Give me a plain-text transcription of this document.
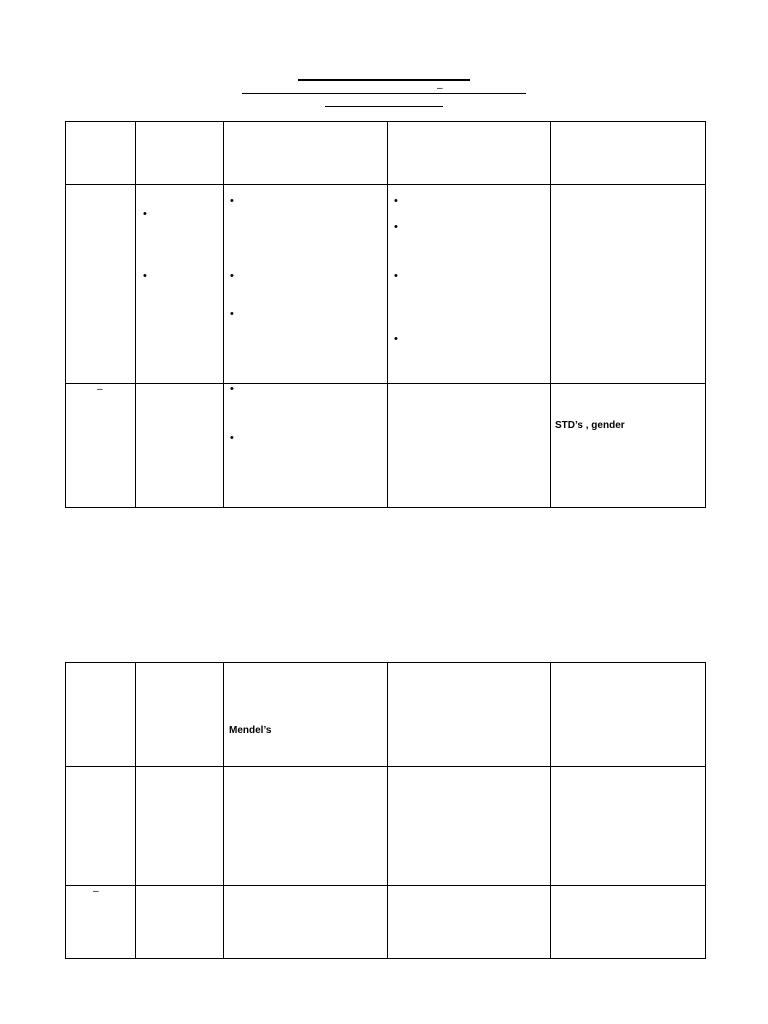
–
•
•
•
•
•
•
•
•
•
–	•
•
STD’s , gender
Mendel’s
–
